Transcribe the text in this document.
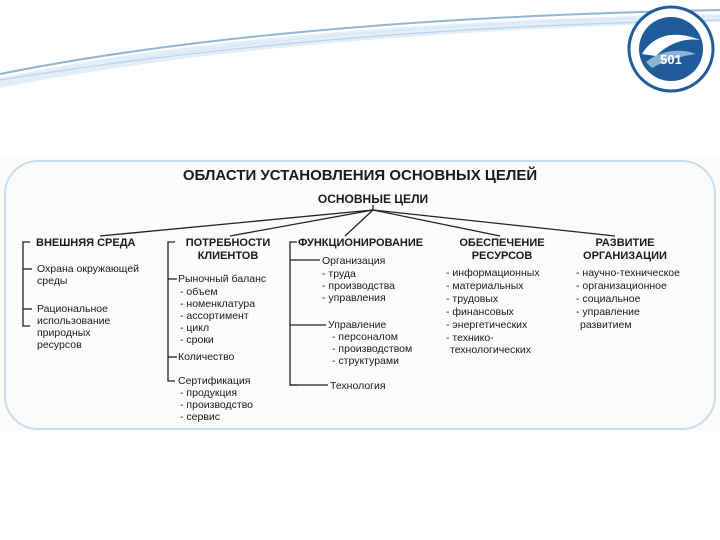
501
ОБЛАСТИ УСТАНОВЛЕНИЯ ОСНОВНЫХ ЦЕЛЕЙ
ОСНОВНЫЕ ЦЕЛИ
ВНЕШНЯЯ СРЕДА
Охрана окружающей
среды
Рациональное
использование
природных
ресурсов
ПОТРЕБНОСТИ
КЛИЕНТОВ
Рыночный баланс
- объем
- номенклатура
- ассортимент
- цикл
- сроки
Количество
Сертификация
- продукция
- производство
- сервис
ФУНКЦИОНИРОВАНИЕ
Организация
- труда
- производства
- управления
Управление
- персоналом
- производством
- структурами
Технология
ОБЕСПЕЧЕНИЕ
РЕСУРСОВ
- информационных
- материальных
- трудовых
- финансовых
- энергетических
- технико-
технологических
РАЗВИТИЕ
ОРГАНИЗАЦИИ
- научно-техническое
- организационное
- социальное
- управление
развитием
